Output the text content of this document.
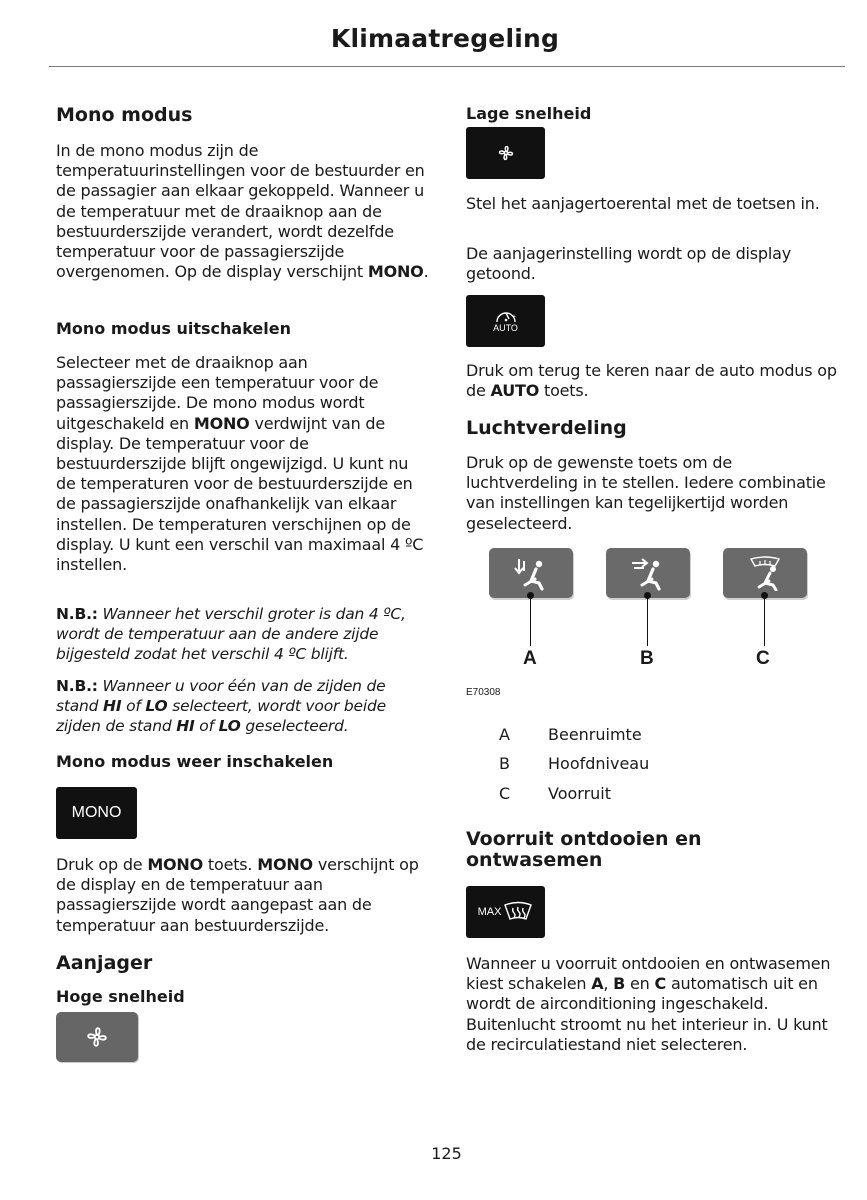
Klimaatregeling
Mono modus
In de mono modus zijn de temperatuurinstellingen voor de bestuurder en de passagier aan elkaar gekoppeld. Wanneer u de temperatuur met de draaiknop aan de bestuurderszijde verandert, wordt dezelfde temperatuur voor de passagierszijde overgenomen. Op de display verschijnt MONO.
Mono modus uitschakelen
Selecteer met de draaiknop aan passagierszijde een temperatuur voor de passagierszijde. De mono modus wordt uitgeschakeld en MONO verdwijnt van de display. De temperatuur voor de bestuurderszijde blijft ongewijzigd. U kunt nu de temperaturen voor de bestuurderszijde en de passagierszijde onafhankelijk van elkaar instellen. De temperaturen verschijnen op de display. U kunt een verschil van maximaal 4 ºC instellen.
N.B.: Wanneer het verschil groter is dan 4 ºC, wordt de temperatuur aan de andere zijde bijgesteld zodat het verschil 4 ºC blijft.
N.B.: Wanneer u voor één van de zijden de stand HI of LO selecteert, wordt voor beide zijden de stand HI of LO geselecteerd.
Mono modus weer inschakelen
MONO
Druk op de MONO toets. MONO verschijnt op de display en de temperatuur aan passagierszijde wordt aangepast aan de temperatuur aan bestuurderszijde.
Aanjager
Hoge snelheid
Lage snelheid
Stel het aanjagertoerental met de toetsen in.
De aanjagerinstelling wordt op de display getoond.
-	+
AUTO
Druk om terug te keren naar de auto modus op de AUTO toets.
Luchtverdeling
Druk op de gewenste toets om de luchtverdeling in te stellen. Iedere combinatie van instellingen kan tegelijkertijd worden geselecteerd.
A	B	C
E70308
A Beenruimte
B Hoofdniveau
C Voorruit
Voorruit ontdooien en ontwasemen
MAX
Wanneer u voorruit ontdooien en ontwasemen kiest schakelen A, B en C automatisch uit en wordt de airconditioning ingeschakeld. Buitenlucht stroomt nu het interieur in. U kunt de recirculatiestand niet selecteren.
125
